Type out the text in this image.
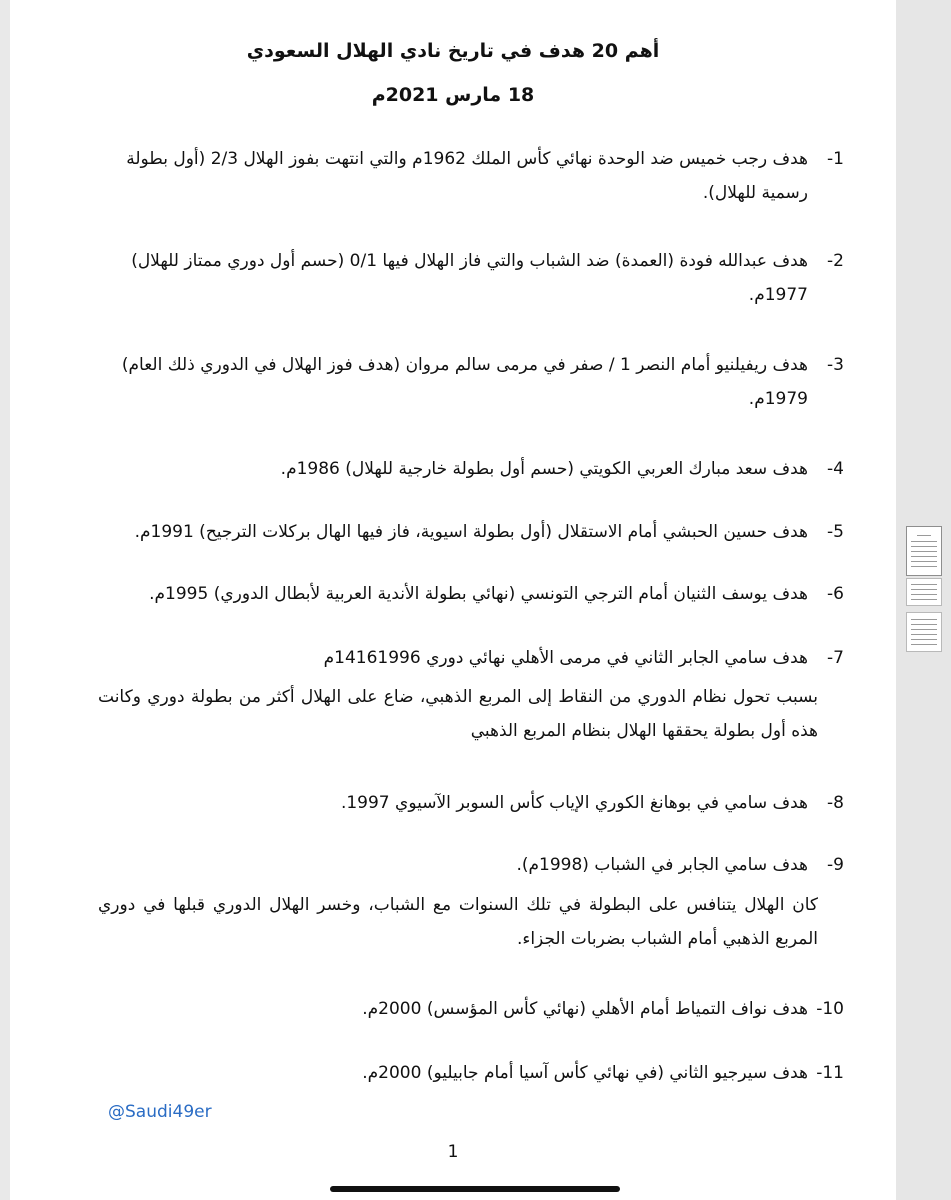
أهم 20 هدف في تاريخ نادي الهلال السعودي
18 مارس 2021م
-1
هدف رجب خميس ضد الوحدة نهائي كأس الملك 1962م والتي انتهت بفوز الهلال 2/3 (أول بطولة رسمية للهلال).
-2
هدف عبدالله فودة (العمدة) ضد الشباب والتي فاز الهلال فيها 0/1 (حسم أول دوري ممتاز للهلال) 1977م.
-3
هدف ريفيلنيو أمام النصر 1 / صفر في مرمى سالم مروان (هدف فوز الهلال في الدوري ذلك العام) 1979م.
-4
هدف سعد مبارك العربي الكويتي (حسم أول بطولة خارجية للهلال) 1986م.
-5
هدف حسين الحبشي أمام الاستقلال (أول بطولة اسيوية، فاز فيها الهال بركلات الترجيح) 1991م.
-6
هدف يوسف الثنيان أمام الترجي التونسي (نهائي بطولة الأندية العربية لأبطال الدوري) 1995م.
-7
هدف سامي الجابر الثاني في مرمى الأهلي نهائي دوري 14161996م
بسبب تحول نظام الدوري من النقاط إلى المربع الذهبي، ضاع على الهلال أكثر من بطولة دوري وكانت هذه أول بطولة يحققها الهلال بنظام المربع الذهبي
-8
هدف سامي في بوهانغ الكوري الإياب كأس السوبر الآسيوي 1997.
-9
هدف سامي الجابر في الشباب (1998م).
كان الهلال يتنافس على البطولة في تلك السنوات مع الشباب، وخسر الهلال الدوري قبلها في دوري المربع الذهبي أمام الشباب بضربات الجزاء.
-10
هدف نواف التمياط أمام الأهلي (نهائي كأس المؤسس) 2000م.
-11
هدف سيرجيو الثاني (في نهائي كأس آسيا أمام جابيليو) 2000م.
@Saudi49er
1
